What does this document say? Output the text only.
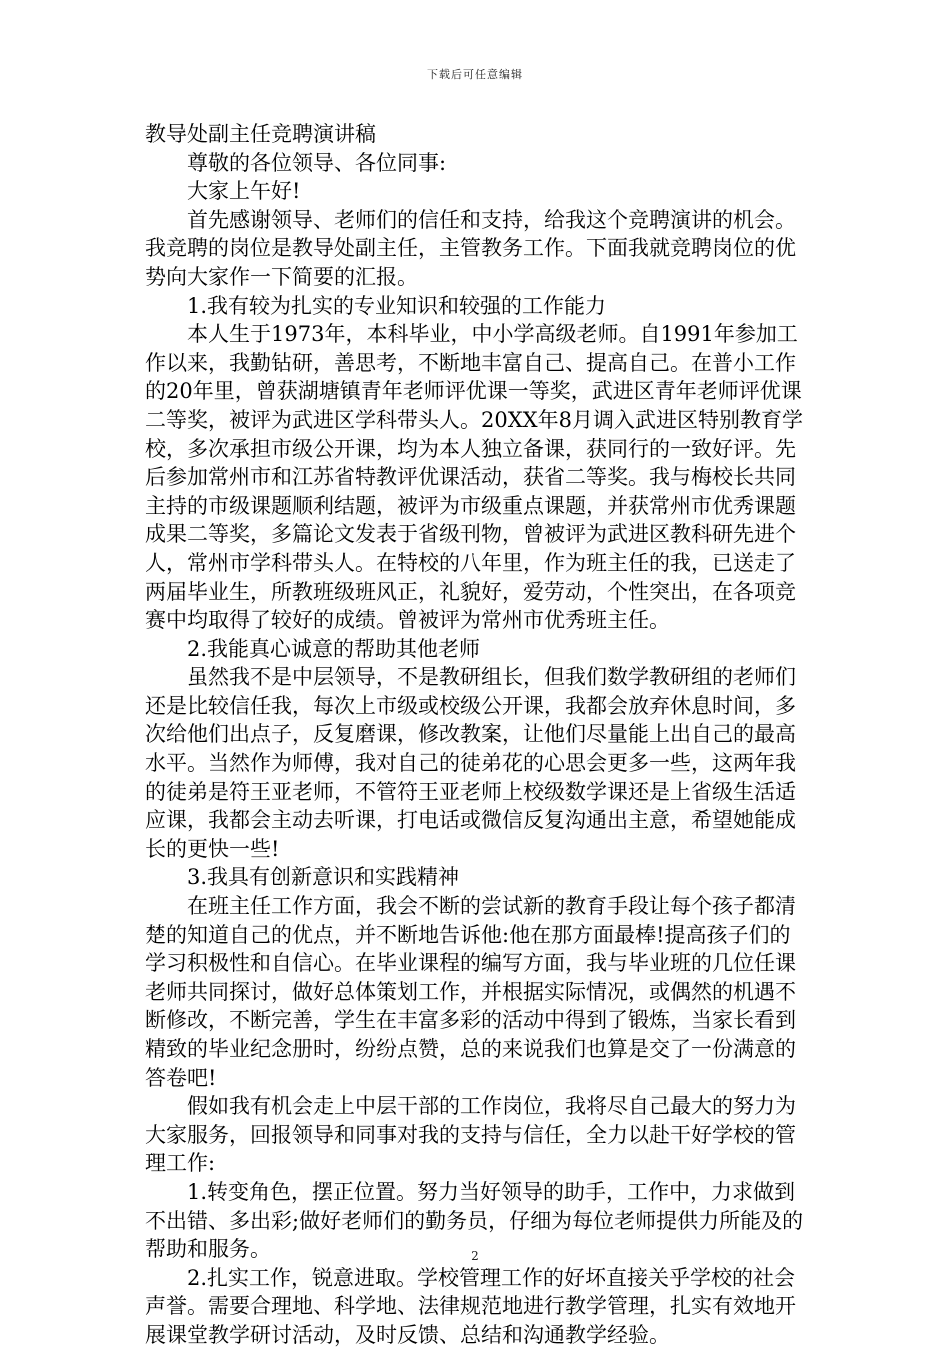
下载后可任意编辑

教导处副主任竞聘演讲稿

尊敬的各位领导、各位同事:

大家上午好!

首先感谢领导、老师们的信任和支持，给我这个竞聘演讲的机会。我竞聘的岗位是教导处副主任，主管教务工作。下面我就竞聘岗位的优势向大家作一下简要的汇报。

1.我有较为扎实的专业知识和较强的工作能力

本人生于1973年，本科毕业，中小学高级老师。自1991年参加工作以来，我勤钻研，善思考，不断地丰富自己、提高自己。在普小工作的20年里，曾获湖塘镇青年老师评优课一等奖，武进区青年老师评优课二等奖，被评为武进区学科带头人。20XX年8月调入武进区特别教育学校，多次承担市级公开课，均为本人独立备课，获同行的一致好评。先后参加常州市和江苏省特教评优课活动，获省二等奖。我与梅校长共同主持的市级课题顺利结题，被评为市级重点课题，并获常州市优秀课题成果二等奖，多篇论文发表于省级刊物，曾被评为武进区教科研先进个人，常州市学科带头人。在特校的八年里，作为班主任的我，已送走了两届毕业生，所教班级班风正，礼貌好，爱劳动，个性突出，在各项竞赛中均取得了较好的成绩。曾被评为常州市优秀班主任。

2.我能真心诚意的帮助其他老师

虽然我不是中层领导，不是教研组长，但我们数学教研组的老师们还是比较信任我，每次上市级或校级公开课，我都会放弃休息时间，多次给他们出点子，反复磨课，修改教案，让他们尽量能上出自己的最高水平。当然作为师傅，我对自己的徒弟花的心思会更多一些，这两年我的徒弟是符王亚老师，不管符王亚老师上校级数学课还是上省级生活适应课，我都会主动去听课，打电话或微信反复沟通出主意，希望她能成长的更快一些!

3.我具有创新意识和实践精神

在班主任工作方面，我会不断的尝试新的教育手段让每个孩子都清楚的知道自己的优点，并不断地告诉他:他在那方面最棒!提高孩子们的学习积极性和自信心。在毕业课程的编写方面，我与毕业班的几位任课老师共同探讨，做好总体策划工作，并根据实际情况，或偶然的机遇不断修改，不断完善，学生在丰富多彩的活动中得到了锻炼，当家长看到精致的毕业纪念册时，纷纷点赞，总的来说我们也算是交了一份满意的答卷吧!

假如我有机会走上中层干部的工作岗位，我将尽自己最大的努力为大家服务，回报领导和同事对我的支持与信任，全力以赴干好学校的管理工作:

1.转变角色，摆正位置。努力当好领导的助手，工作中，力求做到不出错、多出彩;做好老师们的勤务员，仔细为每位老师提供力所能及的帮助和服务。

2.扎实工作，锐意进取。学校管理工作的好坏直接关乎学校的社会声誉。需要合理地、科学地、法律规范地进行教学管理，扎实有效地开展课堂教学研讨活动，及时反馈、总结和沟通教学经验。

2
